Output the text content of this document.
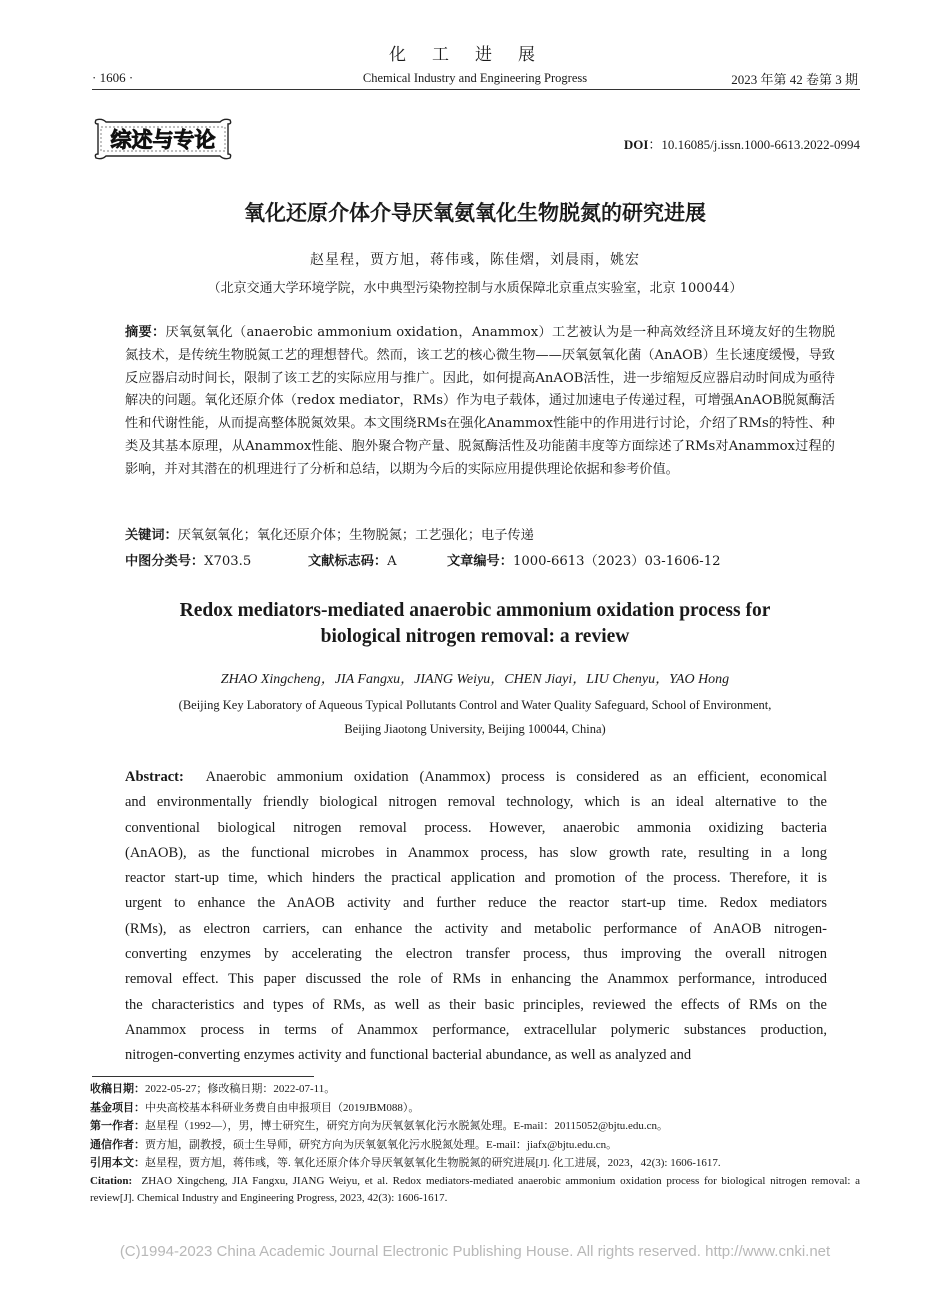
化工进展
· 1606 ·	Chemical Industry and Engineering Progress	2023 年第 42 卷第 3 期
综述与专论	DOI：10.16085/j.issn.1000-6613.2022-0994
氧化还原介体介导厌氧氨氧化生物脱氮的研究进展
赵星程，贾方旭，蒋伟彧，陈佳熠，刘晨雨，姚宏
（北京交通大学环境学院，水中典型污染物控制与水质保障北京重点实验室，北京 100044）
摘要：厌氧氨氧化（anaerobic ammonium oxidation，Anammox）工艺被认为是一种高效经济且环境友好的生物脱氮技术，是传统生物脱氮工艺的理想替代。然而，该工艺的核心微生物——厌氧氨氧化菌（AnAOB）生长速度缓慢，导致反应器启动时间长，限制了该工艺的实际应用与推广。因此，如何提高AnAOB活性，进一步缩短反应器启动时间成为亟待解决的问题。氧化还原介体（redox mediator，RMs）作为电子载体，通过加速电子传递过程，可增强AnAOB脱氮酶活性和代谢性能，从而提高整体脱氮效果。本文围绕RMs在强化Anammox性能中的作用进行讨论，介绍了RMs的特性、种类及其基本原理，从Anammox性能、胞外聚合物产量、脱氮酶活性及功能菌丰度等方面综述了RMs对Anammox过程的影响，并对其潜在的机理进行了分析和总结，以期为今后的实际应用提供理论依据和参考价值。
关键词：厌氧氨氧化；氧化还原介体；生物脱氮；工艺强化；电子传递
中图分类号：X703.5	文献标志码：A	文章编号：1000-6613（2023）03-1606-12
Redox mediators-mediated anaerobic ammonium oxidation process for
biological nitrogen removal: a review
ZHAO Xingcheng，JIA Fangxu，JIANG Weiyu，CHEN Jiayi，LIU Chenyu，YAO Hong
(Beijing Key Laboratory of Aqueous Typical Pollutants Control and Water Quality Safeguard, School of Environment,
Beijing Jiaotong University, Beijing 100044, China)
Abstract: Anaerobic ammonium oxidation (Anammox) process is considered as an efficient, economical
and environmentally friendly biological nitrogen removal technology, which is an ideal alternative to the
conventional biological nitrogen removal process. However, anaerobic ammonia oxidizing bacteria
(AnAOB), as the functional microbes in Anammox process, has slow growth rate, resulting in a long
reactor start-up time, which hinders the practical application and promotion of the process. Therefore, it is
urgent to enhance the AnAOB activity and further reduce the reactor start-up time. Redox mediators
(RMs), as electron carriers, can enhance the activity and metabolic performance of AnAOB nitrogen-
converting enzymes by accelerating the electron transfer process, thus improving the overall nitrogen
removal effect. This paper discussed the role of RMs in enhancing the Anammox performance, introduced
the characteristics and types of RMs, as well as their basic principles, reviewed the effects of RMs on the
Anammox process in terms of Anammox performance, extracellular polymeric substances production,
nitrogen-converting enzymes activity and functional bacterial abundance, as well as analyzed and
收稿日期：2022-05-27；修改稿日期：2022-07-11。
基金项目：中央高校基本科研业务费自由申报项目（2019JBM088）。
第一作者：赵星程（1992—），男，博士研究生，研究方向为厌氧氨氧化污水脱氮处理。E-mail：20115052@bjtu.edu.cn。
通信作者：贾方旭，副教授，硕士生导师，研究方向为厌氧氨氧化污水脱氮处理。E-mail：jiafx@bjtu.edu.cn。
引用本文：赵星程，贾方旭，蒋伟彧，等. 氧化还原介体介导厌氧氨氧化生物脱氮的研究进展[J]. 化工进展，2023，42(3): 1606-1617.
Citation: ZHAO Xingcheng, JIA Fangxu, JIANG Weiyu, et al. Redox mediators-mediated anaerobic ammonium oxidation process for biological nitrogen removal: a review[J]. Chemical Industry and Engineering Progress, 2023, 42(3): 1606-1617.
(C)1994-2023 China Academic Journal Electronic Publishing House. All rights reserved. http://www.cnki.net
